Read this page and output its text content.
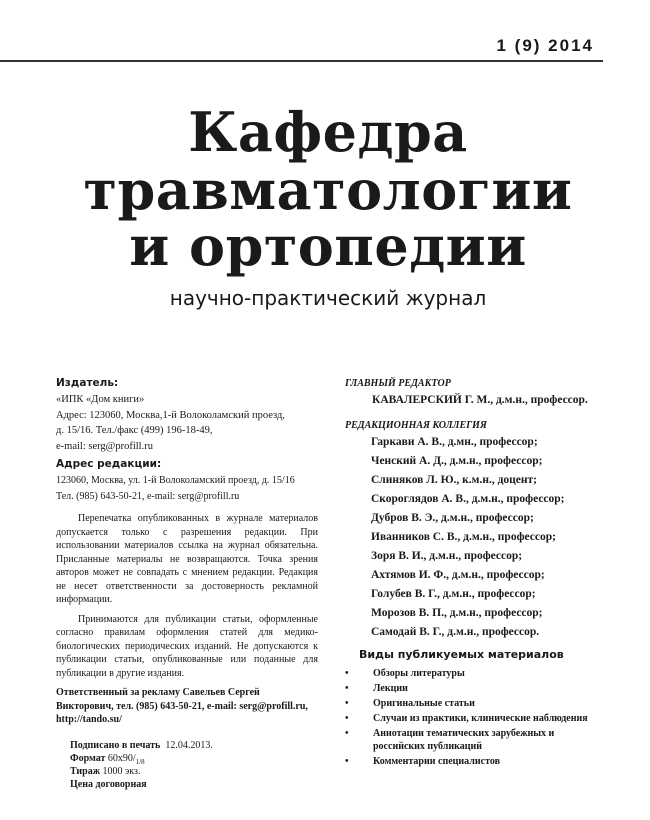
1 (9) 2014
Кафедра
травматологии
и ортопедии
научно-практический журнал
Издатель:
«ИПК «Дом книги»
Адрес: 123060, Москва,1-й Волоколамский проезд,
д. 15/16. Тел./факс (499) 196-18-49,
e-mail: serg@profill.ru
Адрес редакции:
123060, Москва, ул. 1-й Волоколамский проезд, д. 15/16
Тел. (985) 643-50-21, e-mail: serg@profill.ru
Перепечатка опубликованных в журнале материалов допускается только с разрешения редакции. При использовании материалов ссылка на журнал обязательна. Присланные материалы не возвращаются. Точка зрения авторов может не совпадать с мнением редакции. Редакция не несет ответственности за достоверность рекламной информации.
Принимаются для публикации статьи, оформленные согласно правилам оформления статей для медико-биологических периодических изданий. Не допускаются к публикации статьи, опубликованные или поданные для публикации в другие издания.
Ответственный за рекламу Савельев Сергей Викторович, тел. (985) 643-50-21, e-mail: serg@profill.ru, http://tando.su/
Подписано в печать 12.04.2013.
Формат $60x90/_{1/8}$
Тираж 1000 экз.
Цена договорная
ГЛАВНЫЙ РЕДАКТОР
КАВАЛЕРСКИЙ Г. М., д.м.н., профессор.
РЕДАКЦИОННАЯ КОЛЛЕГИЯ
Гаркави А. В., д.мн., профессор;
Ченский А. Д., д.м.н., профессор;
Слиняков Л. Ю., к.м.н., доцент;
Скороглядов А. В., д.м.н., профессор;
Дубров В. Э., д.м.н., профессор;
Иванников С. В., д.м.н., профессор;
Зоря В. И., д.м.н., профессор;
Ахтямов И. Ф., д.м.н., профессор;
Голубев В. Г., д.м.н., профессор;
Морозов В. П., д.м.н., профессор;
Самодай В. Г., д.м.н., профессор.
Виды публикуемых материалов
• Обзоры литературы
• Лекции
• Оригинальные статьи
• Случаи из практики, клинические наблюдения
• Аннотации тематических зарубежных и российских публикаций
• Комментарии специалистов
